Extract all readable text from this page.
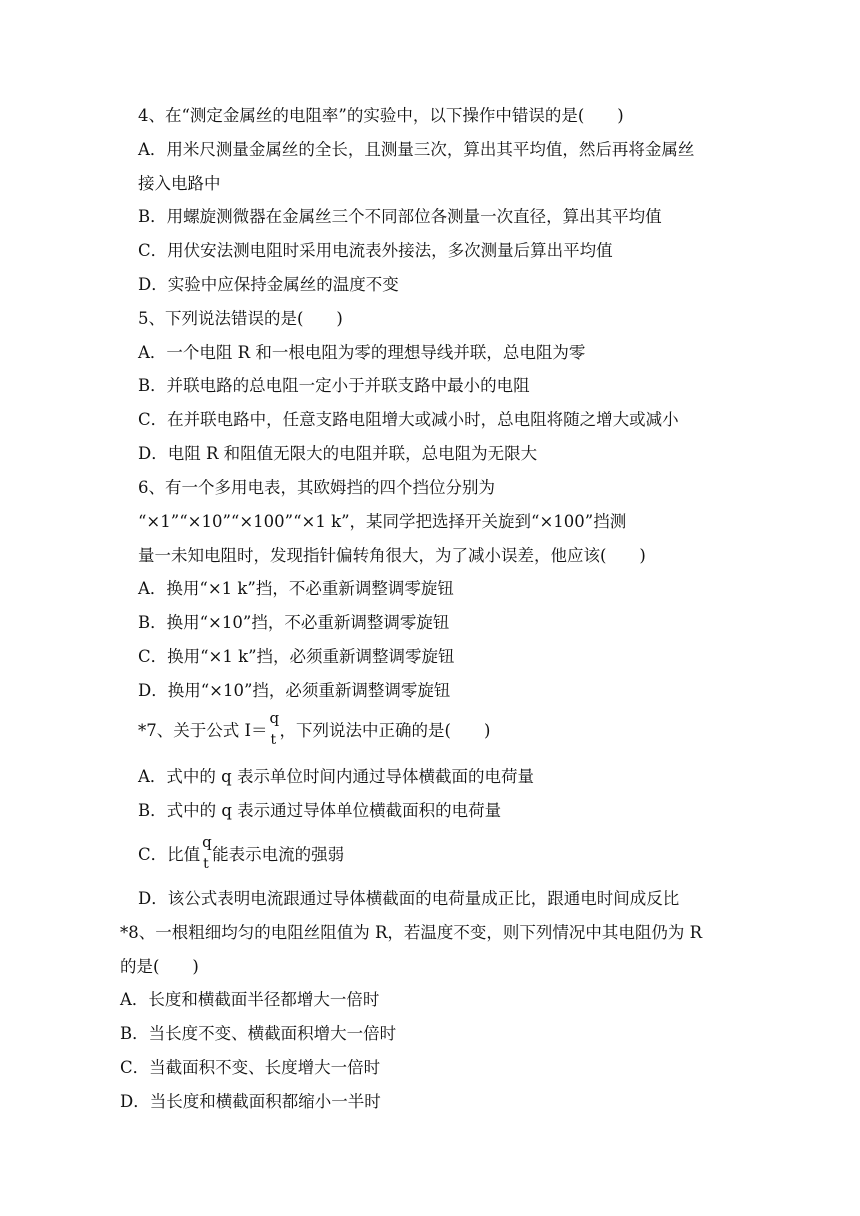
4、在“测定金属丝的电阻率”的实验中，以下操作中错误的是(　　)
A．用米尺测量金属丝的全长，且测量三次，算出其平均值，然后再将金属丝
接入电路中
B．用螺旋测微器在金属丝三个不同部位各测量一次直径，算出其平均值
C．用伏安法测电阻时采用电流表外接法，多次测量后算出平均值
D．实验中应保持金属丝的温度不变
5、下列说法错误的是(　　)
A．一个电阻 R 和一根电阻为零的理想导线并联，总电阻为零
B．并联电路的总电阻一定小于并联支路中最小的电阻
C．在并联电路中，任意支路电阻增大或减小时，总电阻将随之增大或减小
D．电阻 R 和阻值无限大的电阻并联，总电阻为无限大
6、有一个多用电表，其欧姆挡的四个挡位分别为
“×1”“×10”“×100”“×1 k”，某同学把选择开关旋到“×100”挡测
量一未知电阻时，发现指针偏转角很大，为了减小误差，他应该(　　)
A．换用“×1 k”挡，不必重新调整调零旋钮
B．换用“×10”挡，不必重新调整调零旋钮
C．换用“×1 k”挡，必须重新调整调零旋钮
D．换用“×10”挡，必须重新调整调零旋钮
*7、关于公式 I＝
q
t ，下列说法中正确的是(　　)
A．式中的 q 表示单位时间内通过导体横截面的电荷量
B．式中的 q 表示通过导体单位横截面积的电荷量
C．比值
q
t 能表示电流的强弱
D．该公式表明电流跟通过导体横截面的电荷量成正比，跟通电时间成反比
*8、一根粗细均匀的电阻丝阻值为 R，若温度不变，则下列情况中其电阻仍为 R
的是(　　)
A．长度和横截面半径都增大一倍时
B．当长度不变、横截面积增大一倍时
C．当截面积不变、长度增大一倍时
D．当长度和横截面积都缩小一半时
